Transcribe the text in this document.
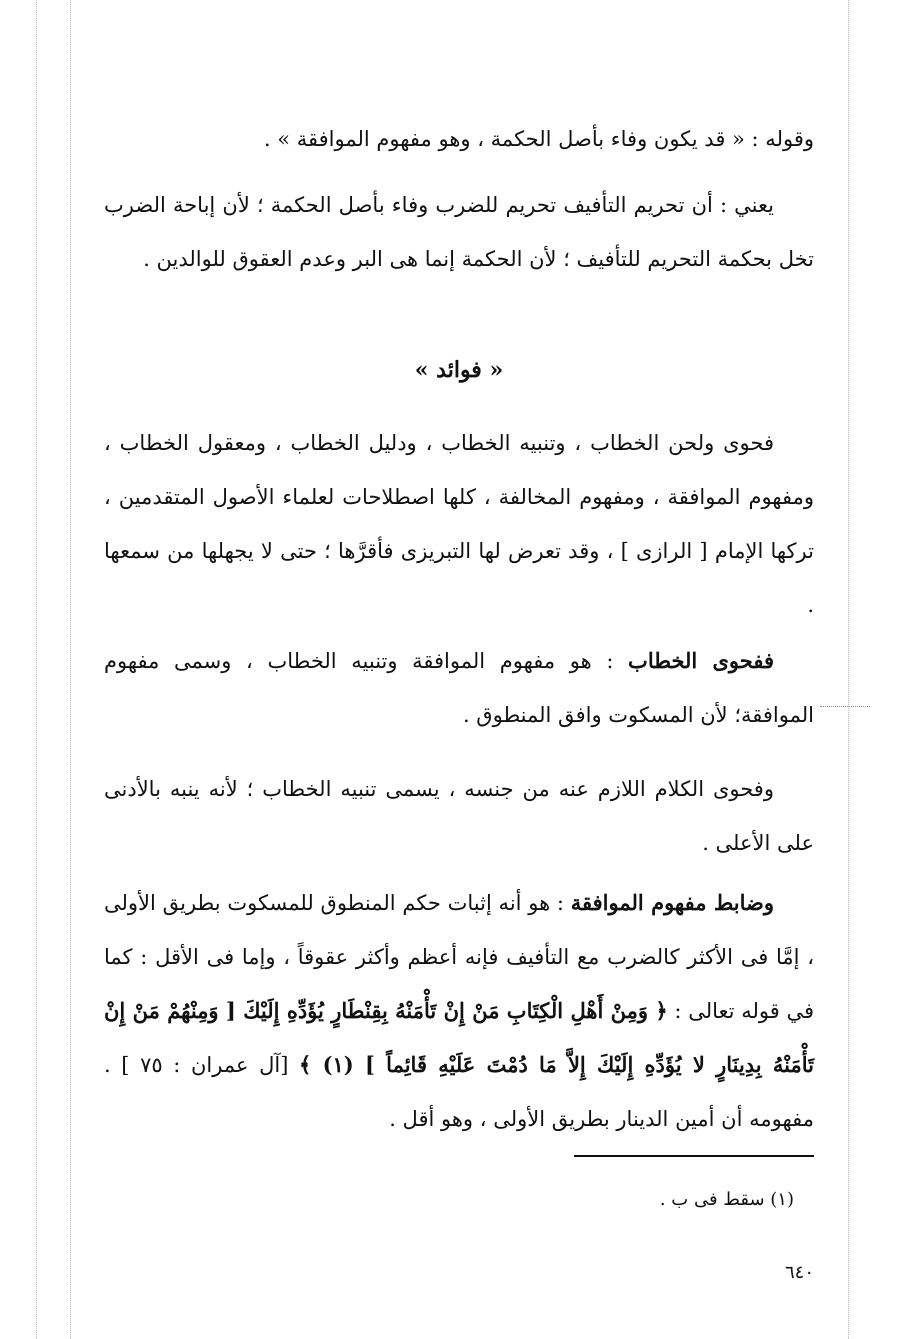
وقوله : « قد يكون وفاء بأصل الحكمة ، وهو مفهوم الموافقة » .

يعني : أن تحريم التأفيف تحريم للضرب وفاء بأصل الحكمة ؛ لأن إباحة الضرب تخل بحكمة التحريم للتأفيف ؛ لأن الحكمة إنما هى البر وعدم العقوق للوالدين .

« فوائد »

فحوى ولحن الخطاب ، وتنبيه الخطاب ، ودليل الخطاب ، ومعقول الخطاب ، ومفهوم الموافقة ، ومفهوم المخالفة ، كلها اصطلاحات لعلماء الأصول المتقدمين ، تركها الإمام [ الرازى ] ، وقد تعرض لها التبريزى فأقرَّها ؛ حتى لا يجهلها من سمعها .

ففحوى الخطاب : هو مفهوم الموافقة وتنبيه الخطاب ، وسمى مفهوم الموافقة؛ لأن المسكوت وافق المنطوق .

وفحوى الكلام اللازم عنه من جنسه ، يسمى تنبيه الخطاب ؛ لأنه ينبه بالأدنى على الأعلى .

وضابط مفهوم الموافقة : هو أنه إثبات حكم المنطوق للمسكوت بطريق الأولى ، إمَّا فى الأكثر كالضرب مع التأفيف فإنه أعظم وأكثر عقوقاً ، وإما فى الأقل : كما في قوله تعالى : ﴿ وَمِنْ أَهْلِ الْكِتَابِ مَنْ إِنْ تَأْمَنْهُ بِقِنْطَارٍ يُؤَدِّهِ إِلَيْكَ [ وَمِنْهُمْ مَنْ إِنْ تَأْمَنْهُ بِدِينَارٍ لا يُؤَدِّهِ إِلَيْكَ إِلاَّ مَا دُمْتَ عَلَيْهِ قَائِماً ] (١) ﴾ [آل عمران : ٧٥ ] . مفهومه أن أمين الدينار بطريق الأولى ، وهو أقل .

(١) سقط فى ب .
٦٤٠
